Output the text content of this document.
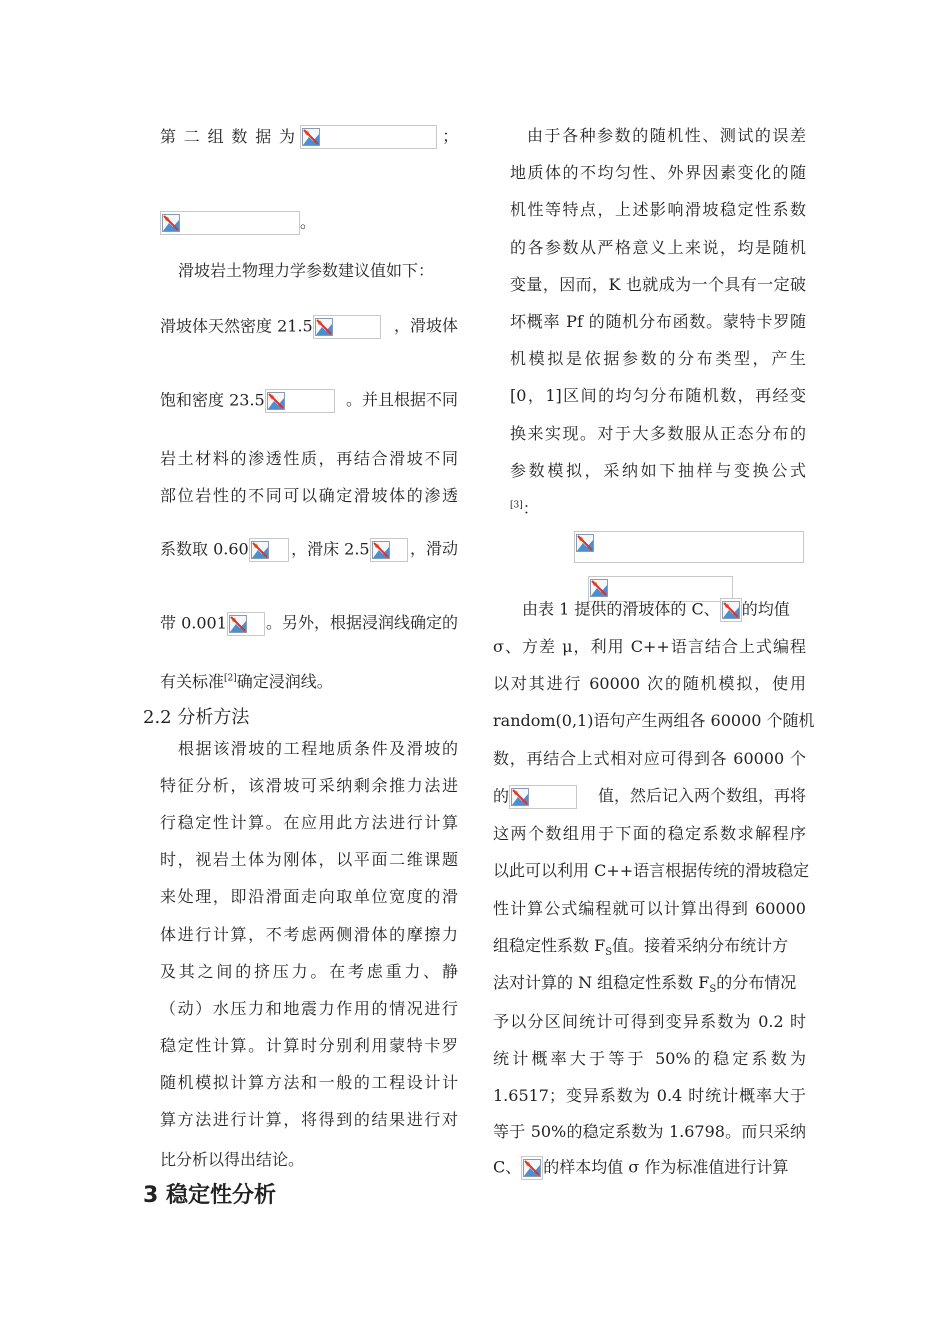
第二组数据为	；
。
滑坡岩土物理力学参数建议值如下：
滑坡体天然密度 21.5	，滑坡体
饱和密度 23.5	。并且根据不同
岩土材料的渗透性质，再结合滑坡不同
部位岩性的不同可以确定滑坡体的渗透
系数取 0.60	，滑床 2.5	，滑动
带 0.001	。另外，根据浸润线确定的
有关标准[2]确定浸润线。
2.2 分析方法
根据该滑坡的工程地质条件及滑坡的
特征分析，该滑坡可采纳剩余推力法进
行稳定性计算。在应用此方法进行计算
时，视岩土体为刚体，以平面二维课题
来处理，即沿滑面走向取单位宽度的滑
体进行计算，不考虑两侧滑体的摩擦力
及其之间的挤压力。在考虑重力、静
（动）水压力和地震力作用的情况进行
稳定性计算。计算时分别利用蒙特卡罗
随机模拟计算方法和一般的工程设计计
算方法进行计算，将得到的结果进行对
比分析以得出结论。
3 稳定性分析
由于各种参数的随机性、测试的误差
地质体的不均匀性、外界因素变化的随
机性等特点，上述影响滑坡稳定性系数
的各参数从严格意义上来说，均是随机
变量，因而，K 也就成为一个具有一定破
坏概率 Pf 的随机分布函数。蒙特卡罗随
机模拟是依据参数的分布类型，产生
[0，1]区间的均匀分布随机数，再经变
换来实现。对于大多数服从正态分布的
参数模拟，采纳如下抽样与变换公式
[3]：
由表 1 提供的滑坡体的 C、 的均值
σ、方差 μ，利用 C++语言结合上式编程
以对其进行 60000 次的随机模拟，使用
random(0,1)语句产生两组各 60000 个随机
数，再结合上式相对应可得到各 60000 个
的	值，然后记入两个数组，再将
这两个数组用于下面的稳定系数求解程序
以此可以利用 C++语言根据传统的滑坡稳定
性计算公式编程就可以计算出得到 60000
组稳定性系数 $F_S$值。接着采纳分布统计方
法对计算的 N 组稳定性系数 $F_S$的分布情况
予以分区间统计可得到变异系数为 0.2 时
统计概率大于等于 50%的稳定系数为
1.6517；变异系数为 0.4 时统计概率大于
等于 50%的稳定系数为 1.6798。而只采纳
C、 的样本均值 σ 作为标准值进行计算
